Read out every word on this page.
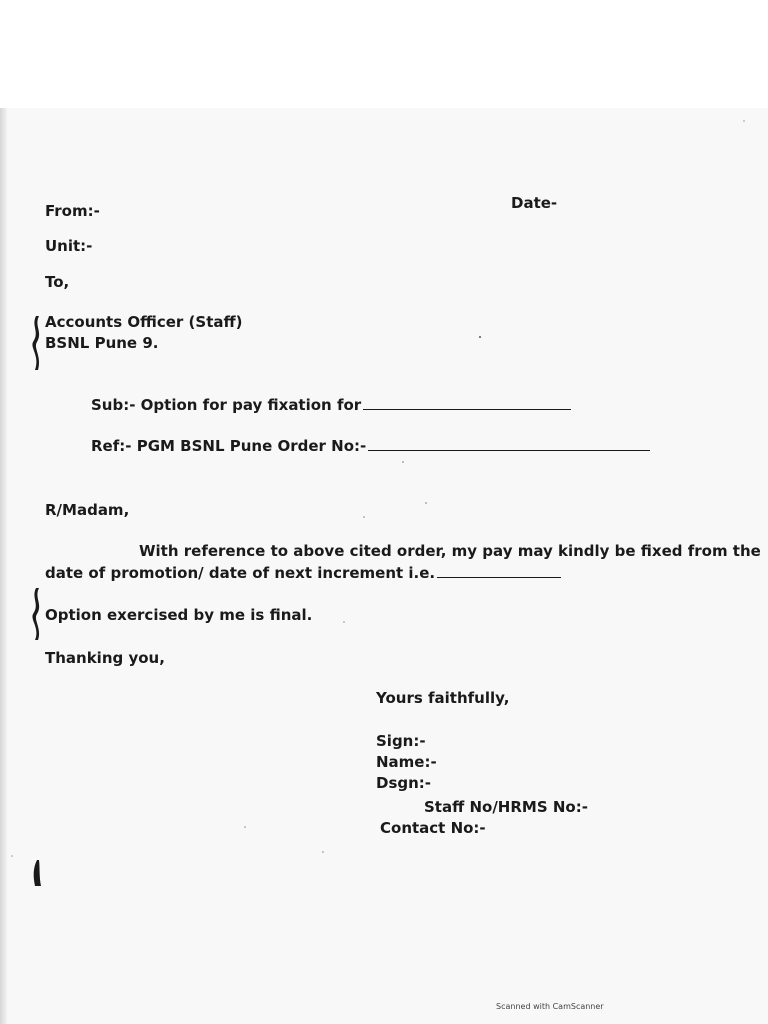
From:-	Date-
Unit:-
To,
Accounts Officer (Staff)
BSNL Pune 9.
Sub:- Option for pay fixation for
Ref:- PGM BSNL Pune Order No:-
R/Madam,
With reference to above cited order, my pay may kindly be fixed from the
date of promotion/ date of next increment i.e.
Option exercised by me is final.
Thanking you,
Yours faithfully,
Sign:-
Name:-
Dsgn:-
Staff No/HRMS No:-
Contact No:-
Scanned with CamScanner
